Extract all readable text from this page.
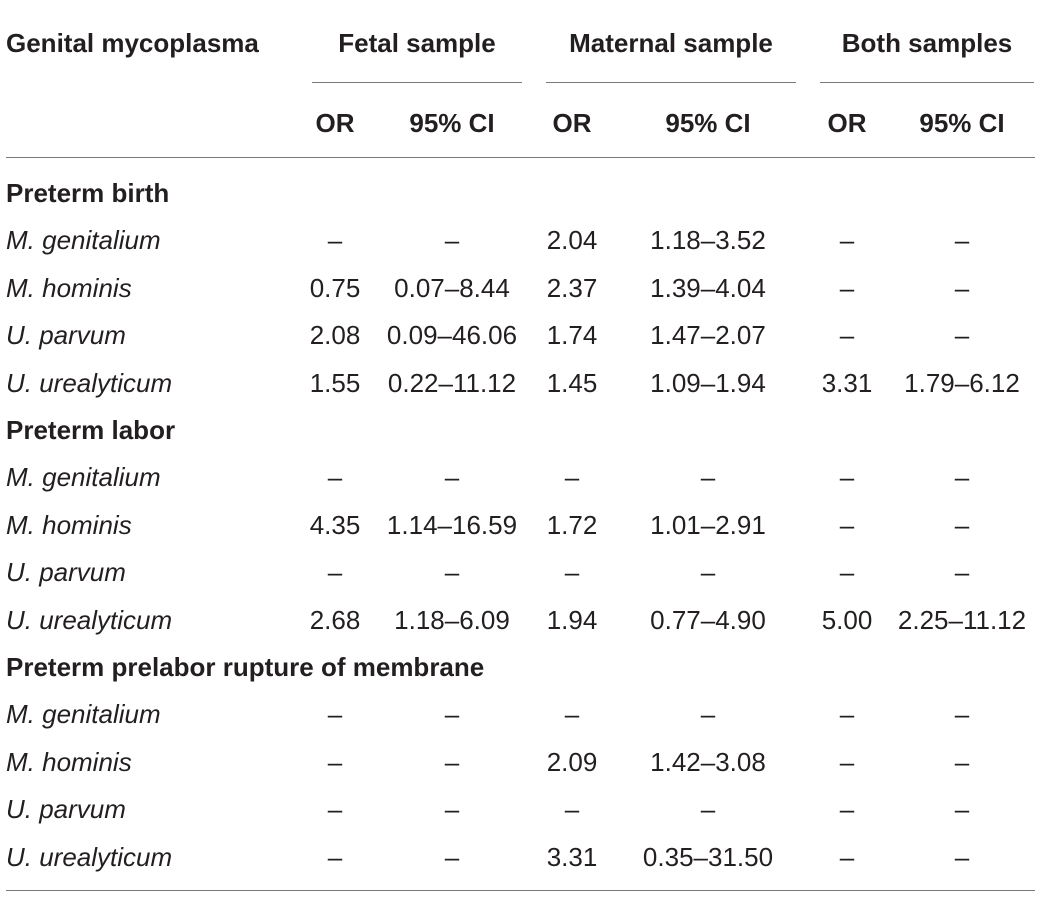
Genital mycoplasma	Fetal sample	Maternal sample	Both samples
OR	95% CI	OR	95% CI	OR	95% CI
Preterm birth
M. genitalium	–	–	2.04	1.18–3.52	–	–
M. hominis	0.75	0.07–8.44	2.37	1.39–4.04	–	–
U. parvum	2.08	0.09–46.06	1.74	1.47–2.07	–	–
U. urealyticum	1.55	0.22–11.12	1.45	1.09–1.94	3.31	1.79–6.12
Preterm labor
M. genitalium	–	–	–	–	–	–
M. hominis	4.35	1.14–16.59	1.72	1.01–2.91	–	–
U. parvum	–	–	–	–	–	–
U. urealyticum	2.68	1.18–6.09	1.94	0.77–4.90	5.00 2.25–11.12
Preterm prelabor rupture of membrane
M. genitalium	–	–	–	–	–	–
M. hominis	–	–	2.09	1.42–3.08	–	–
U. parvum	–	–	–	–	–	–
U. urealyticum	–	–	3.31	0.35–31.50	–	–
